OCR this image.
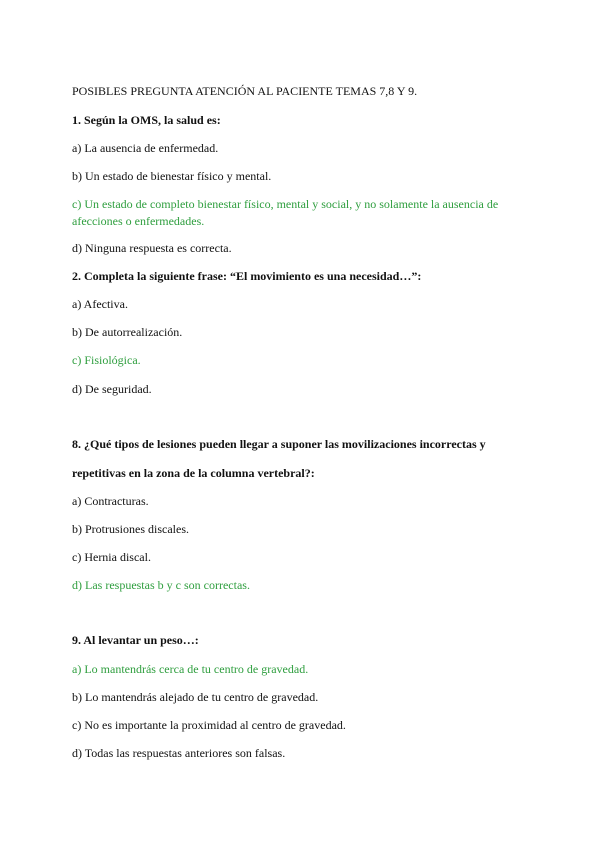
POSIBLES PREGUNTA ATENCIÓN AL PACIENTE TEMAS 7,8 Y 9.
1. Según la OMS, la salud es:
a) La ausencia de enfermedad.
b) Un estado de bienestar físico y mental.
c) Un estado de completo bienestar físico, mental y social, y no solamente la ausencia de afecciones o enfermedades.
d) Ninguna respuesta es correcta.
2. Completa la siguiente frase: “El movimiento es una necesidad…”:
a) Afectiva.
b) De autorrealización.
c) Fisiológica.
d) De seguridad.
8. ¿Qué tipos de lesiones pueden llegar a suponer las movilizaciones incorrectas y
repetitivas en la zona de la columna vertebral?:
a) Contracturas.
b) Protrusiones discales.
c) Hernia discal.
d) Las respuestas b y c son correctas.
9. Al levantar un peso…:
a) Lo mantendrás cerca de tu centro de gravedad.
b) Lo mantendrás alejado de tu centro de gravedad.
c) No es importante la proximidad al centro de gravedad.
d) Todas las respuestas anteriores son falsas.
